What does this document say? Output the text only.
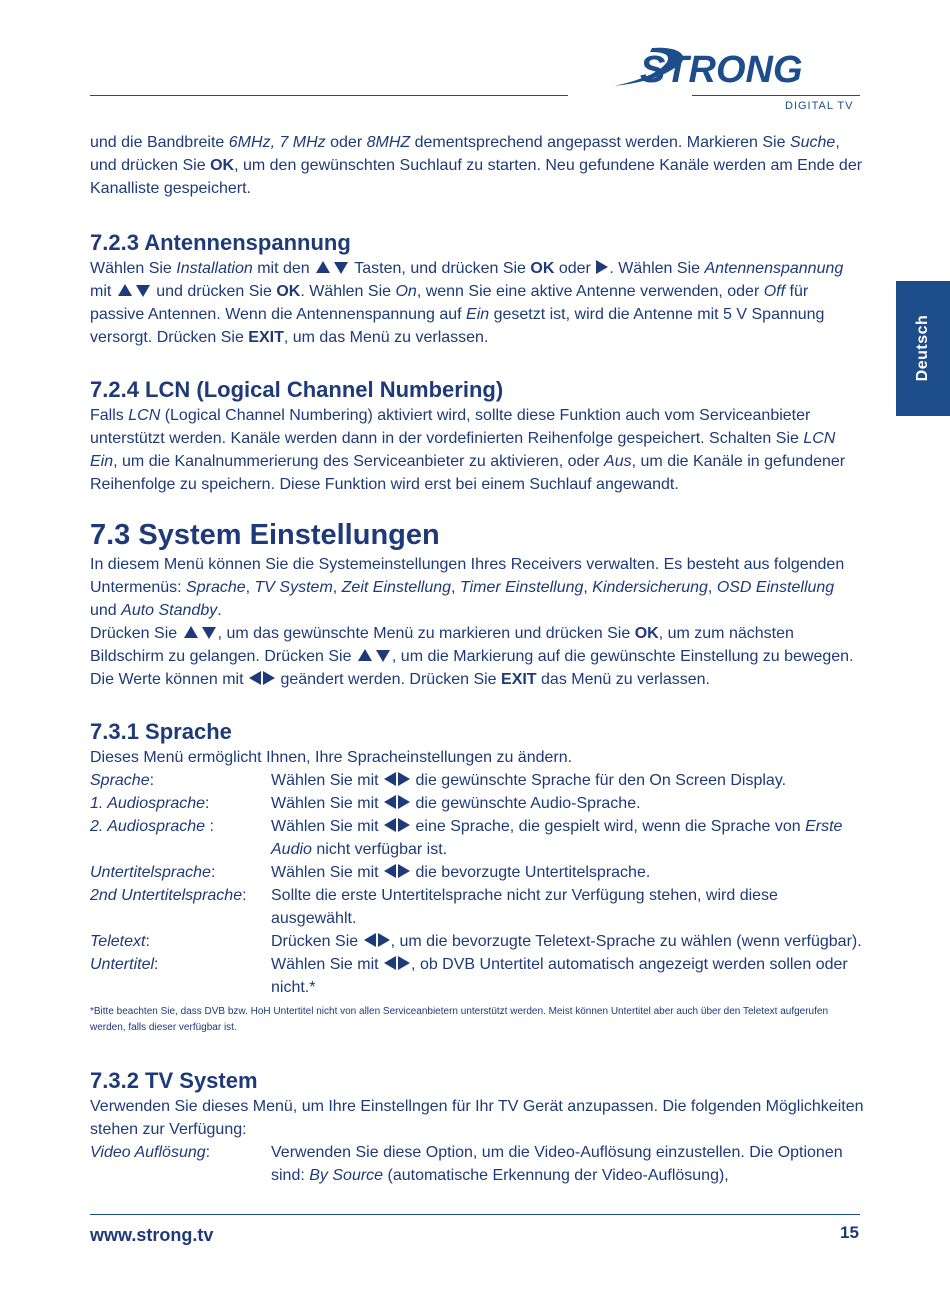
STRONG
DIGITAL TV
Deutsch

und die Bandbreite 6MHz, 7 MHz oder 8MHZ dementsprechend angepasst werden. Markieren Sie Suche, und drücken Sie OK, um den gewünschten Suchlauf zu starten. Neu gefundene Kanäle werden am Ende der Kanalliste gespeichert.

7.2.3 Antennenspannung

Wählen Sie Installation mit den  Tasten, und drücken Sie OK oder . Wählen Sie Antennenspannung mit  und drücken Sie OK. Wählen Sie On, wenn Sie eine aktive Antenne verwenden, oder Off für passive Antennen. Wenn die Antennenspannung auf Ein gesetzt ist, wird die Antenne mit 5 V Spannung versorgt. Drücken Sie EXIT, um das Menü zu verlassen.

7.2.4 LCN (Logical Channel Numbering)

Falls LCN (Logical Channel Numbering) aktiviert wird, sollte diese Funktion auch vom Serviceanbieter unterstützt werden. Kanäle werden dann in der vordefinierten Reihenfolge gespeichert. Schalten Sie LCN Ein, um die Kanalnummerierung des Serviceanbieter zu aktivieren, oder Aus, um die Kanäle in gefundener Reihenfolge zu speichern. Diese Funktion wird erst bei einem Suchlauf angewandt.

7.3 System Einstellungen

In diesem Menü können Sie die Systemeinstellungen Ihres Receivers verwalten. Es besteht aus folgenden Untermenüs: Sprache, TV System, Zeit Einstellung, Timer Einstellung, Kindersicherung, OSD Einstellung und Auto Standby.

Drücken Sie , um das gewünschte Menü zu markieren und drücken Sie OK, um zum nächsten Bildschirm zu gelangen. Drücken Sie , um die Markierung auf die gewünschte Einstellung zu bewegen. Die Werte können mit  geändert werden. Drücken Sie EXIT das Menü zu verlassen.

7.3.1 Sprache

Dieses Menü ermöglicht Ihnen, Ihre Spracheinstellungen zu ändern.

Sprache:	Wählen Sie mit  die gewünschte Sprache für den On Screen Display.
1. Audiosprache:	Wählen Sie mit  die gewünschte Audio-Sprache.
2. Audiosprache :	Wählen Sie mit  eine Sprache, die gespielt wird, wenn die Sprache von Erste Audio nicht verfügbar ist.
Untertitelsprache:	Wählen Sie mit  die bevorzugte Untertitelsprache.
2nd Untertitelsprache:	Sollte die erste Untertitelsprache nicht zur Verfügung stehen, wird diese ausgewählt.
Teletext:	Drücken Sie , um die bevorzugte Teletext-Sprache zu wählen (wenn verfügbar).
Untertitel:	Wählen Sie mit , ob DVB Untertitel automatisch angezeigt werden sollen oder nicht.*

*Bitte beachten Sie, dass DVB bzw. HoH Untertitel nicht von allen Serviceanbietern unterstützt werden. Meist können Untertitel aber auch über den Teletext aufgerufen werden, falls dieser verfügbar ist.

7.3.2 TV System

Verwenden Sie dieses Menü, um Ihre Einstellngen für Ihr TV Gerät anzupassen. Die folgenden Möglichkeiten stehen zur Verfügung:

Video Auflösung:	Verwenden Sie diese Option, um die Video-Auflösung einzustellen. Die Optionen sind: By Source (automatische Erkennung der Video-Auflösung),
www.strong.tv	15
